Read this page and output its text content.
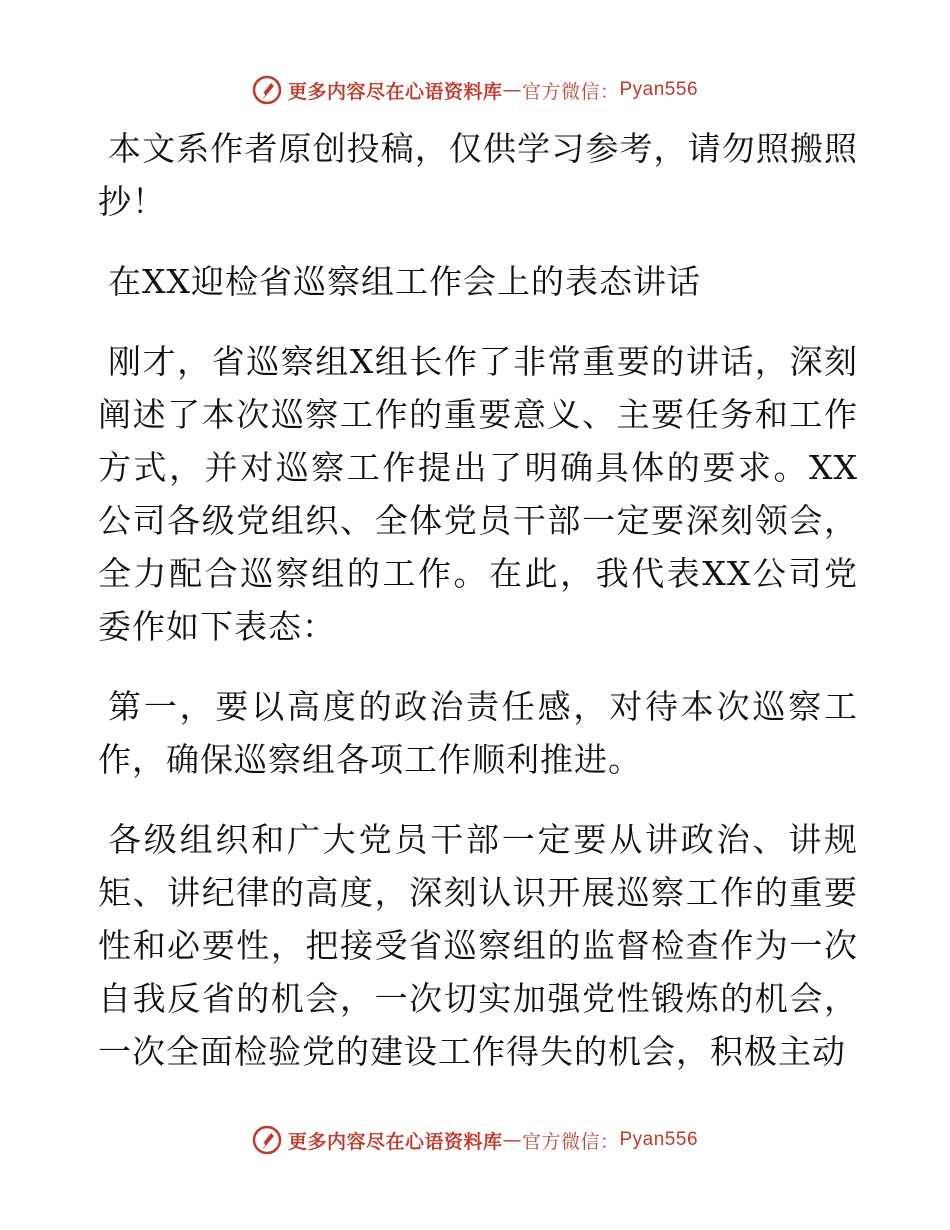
更多内容尽在心语资料库 — 官方微信： Pyan556

本文系作者原创投稿，仅供学习参考，请勿照搬照抄！

在XX迎检省巡察组工作会上的表态讲话

刚才，省巡察组X组长作了非常重要的讲话，深刻阐述了本次巡察工作的重要意义、主要任务和工作方式，并对巡察工作提出了明确具体的要求。XX公司各级党组织、全体党员干部一定要深刻领会，全力配合巡察组的工作。在此，我代表XX公司党委作如下表态：

第一，要以高度的政治责任感，对待本次巡察工作，确保巡察组各项工作顺利推进。

各级组织和广大党员干部一定要从讲政治、讲规矩、讲纪律的高度，深刻认识开展巡察工作的重要性和必要性，把接受省巡察组的监督检查作为一次自我反省的机会，一次切实加强党性锻炼的机会，一次全面检验党的建设工作得失的机会，积极主动

更多内容尽在心语资料库 — 官方微信： Pyan556
